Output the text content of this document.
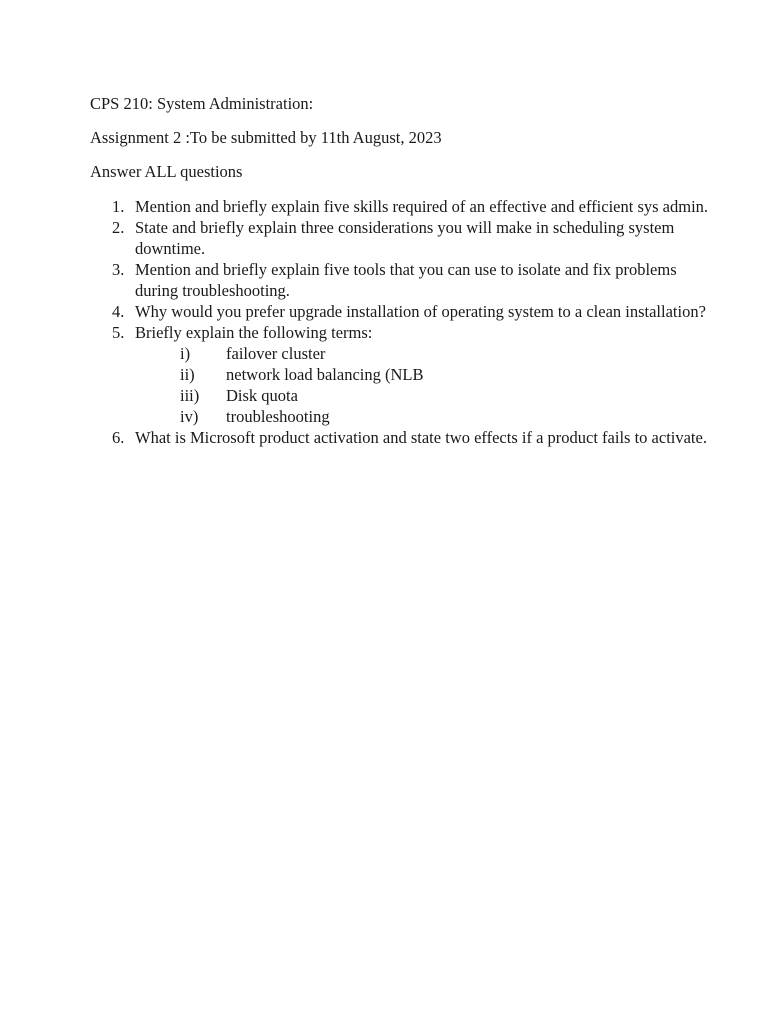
CPS 210: System Administration:
Assignment 2 :To be submitted by 11th August, 2023
Answer ALL questions
1. Mention and briefly explain five skills required of an effective and efficient sys admin.
2. State and briefly explain three considerations you will make in scheduling system downtime.
3. Mention and briefly explain five tools that you can use to isolate and fix problems during troubleshooting.
4. Why would you prefer upgrade installation of operating system to a clean installation?
5. Briefly explain the following terms:
i) failover cluster
ii) network load balancing (NLB
iii) Disk quota
iv) troubleshooting
6. What is Microsoft product activation and state two effects if a product fails to activate.
